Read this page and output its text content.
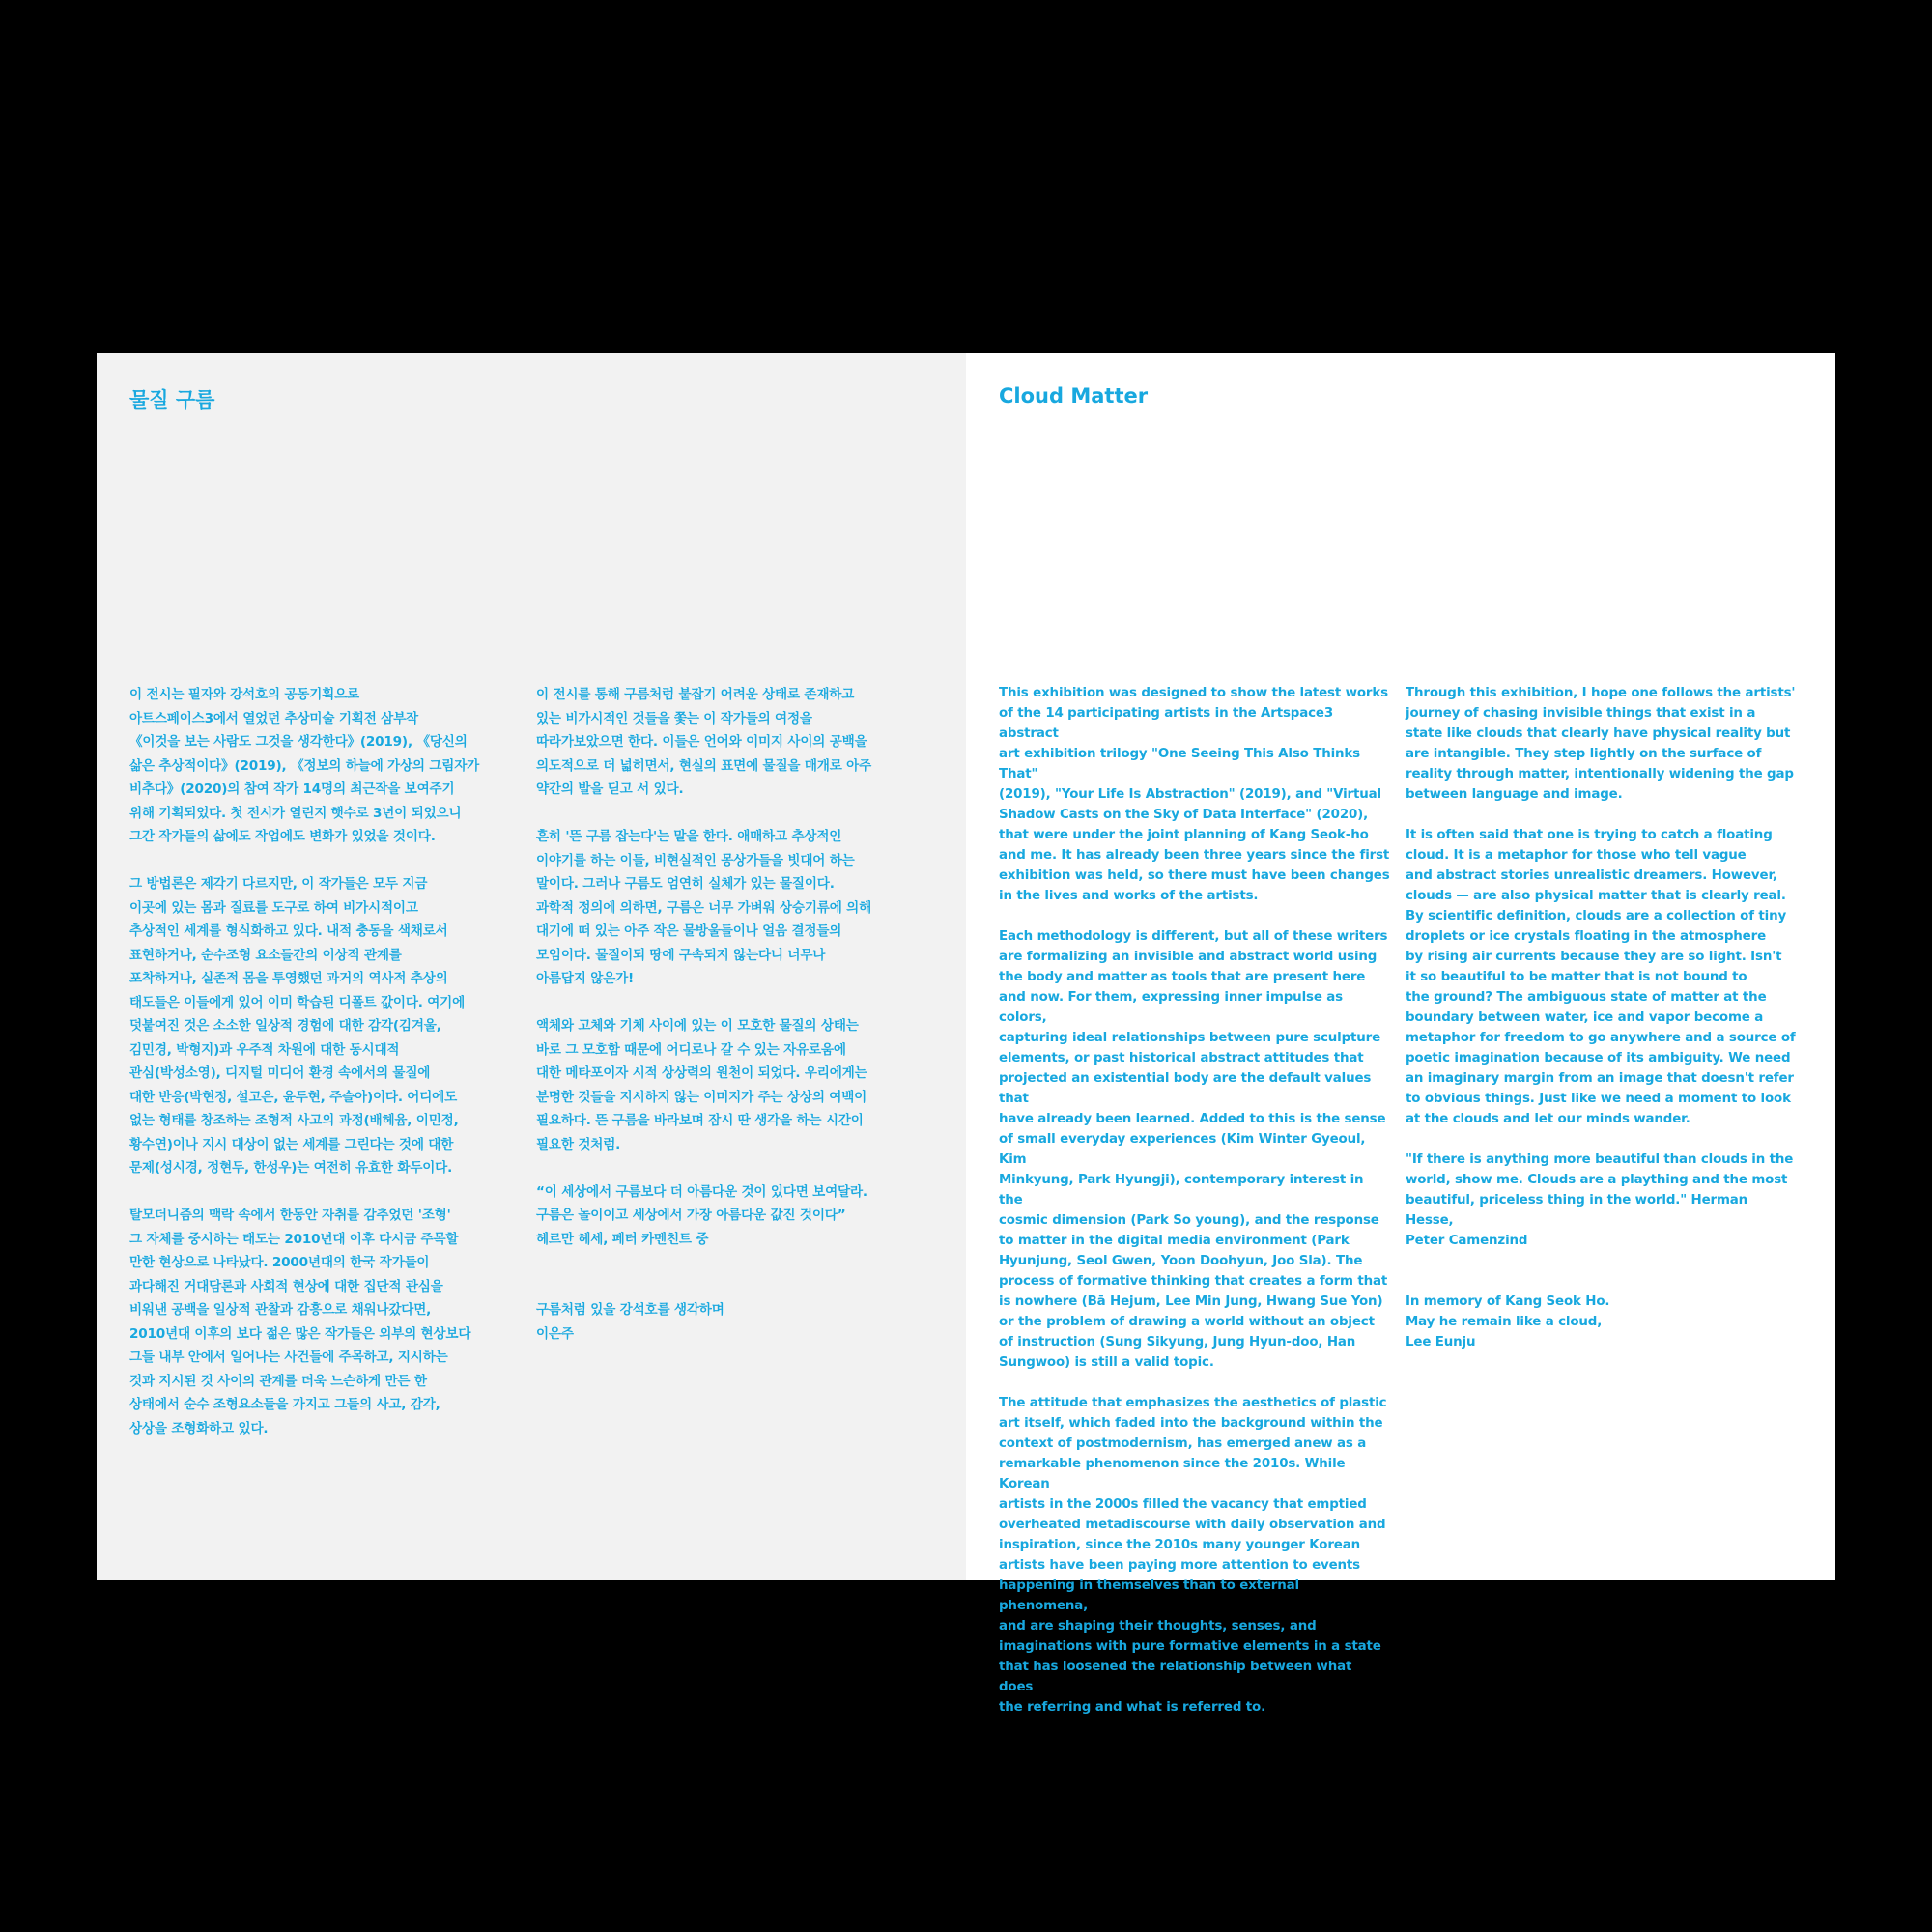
물질 구름

이 전시는 필자와 강석호의 공동기획으로
아트스페이스3에서 열었던 추상미술 기획전 삼부작
《이것을 보는 사람도 그것을 생각한다》(2019), 《당신의
삶은 추상적이다》(2019), 《정보의 하늘에 가상의 그림자가
비추다》(2020)의 참여 작가 14명의 최근작을 보여주기
위해 기획되었다. 첫 전시가 열린지 햇수로 3년이 되었으니
그간 작가들의 삶에도 작업에도 변화가 있었을 것이다.

그 방법론은 제각기 다르지만, 이 작가들은 모두 지금
이곳에 있는 몸과 질료를 도구로 하여 비가시적이고
추상적인 세계를 형식화하고 있다. 내적 충동을 색채로서
표현하거나, 순수조형 요소들간의 이상적 관계를
포착하거나, 실존적 몸을 투영했던 과거의 역사적 추상의
태도들은 이들에게 있어 이미 학습된 디폴트 값이다. 여기에
덧붙여진 것은 소소한 일상적 경험에 대한 감각(김겨울,
김민경, 박형지)과 우주적 차원에 대한 동시대적
관심(박성소영), 디지털 미디어 환경 속에서의 물질에
대한 반응(박현정, 설고은, 윤두현, 주슬아)이다. 어디에도
없는 형태를 창조하는 조형적 사고의 과정(배헤윰, 이민정,
황수연)이나 지시 대상이 없는 세계를 그린다는 것에 대한
문제(성시경, 정현두, 한성우)는 여전히 유효한 화두이다.

탈모더니즘의 맥락 속에서 한동안 자취를 감추었던 '조형'
그 자체를 중시하는 태도는 2010년대 이후 다시금 주목할
만한 현상으로 나타났다. 2000년대의 한국 작가들이
과다해진 거대담론과 사회적 현상에 대한 집단적 관심을
비워낸 공백을 일상적 관찰과 감흥으로 채워나갔다면,
2010년대 이후의 보다 젊은 많은 작가들은 외부의 현상보다
그들 내부 안에서 일어나는 사건들에 주목하고, 지시하는
것과 지시된 것 사이의 관계를 더욱 느슨하게 만든 한
상태에서 순수 조형요소들을 가지고 그들의 사고, 감각,
상상을 조형화하고 있다.

이 전시를 통해 구름처럼 붙잡기 어려운 상태로 존재하고
있는 비가시적인 것들을 쫓는 이 작가들의 여정을
따라가보았으면 한다. 이들은 언어와 이미지 사이의 공백을
의도적으로 더 넓히면서, 현실의 표면에 물질을 매개로 아주
약간의 발을 딛고 서 있다.

흔히 '뜬 구름 잡는다'는 말을 한다. 애매하고 추상적인
이야기를 하는 이들, 비현실적인 몽상가들을 빗대어 하는
말이다. 그러나 구름도 엄연히 실체가 있는 물질이다.
과학적 정의에 의하면, 구름은 너무 가벼워 상승기류에 의해
대기에 떠 있는 아주 작은 물방울들이나 얼음 결정들의
모임이다. 물질이되 땅에 구속되지 않는다니 너무나
아름답지 않은가!

액체와 고체와 기체 사이에 있는 이 모호한 물질의 상태는
바로 그 모호함 때문에 어디로나 갈 수 있는 자유로움에
대한 메타포이자 시적 상상력의 원천이 되었다. 우리에게는
분명한 것들을 지시하지 않는 이미지가 주는 상상의 여백이
필요하다. 뜬 구름을 바라보며 잠시 딴 생각을 하는 시간이
필요한 것처럼.

“이 세상에서 구름보다 더 아름다운 것이 있다면 보여달라.
구름은 놀이이고 세상에서 가장 아름다운 값진 것이다”
헤르만 헤세, 페터 카멘친트 중

구름처럼 있을 강석호를 생각하며
이은주

Cloud Matter

This exhibition was designed to show the latest works
of the 14 participating artists in the Artspace3 abstract
art exhibition trilogy "One Seeing This Also Thinks That"
(2019), "Your Life Is Abstraction" (2019), and "Virtual
Shadow Casts on the Sky of Data Interface" (2020),
that were under the joint planning of Kang Seok-ho
and me. It has already been three years since the first
exhibition was held, so there must have been changes
in the lives and works of the artists.

Each methodology is different, but all of these writers
are formalizing an invisible and abstract world using
the body and matter as tools that are present here
and now. For them, expressing inner impulse as colors,
capturing ideal relationships between pure sculpture
elements, or past historical abstract attitudes that
projected an existential body are the default values that
have already been learned. Added to this is the sense
of small everyday experiences (Kim Winter Gyeoul, Kim
Minkyung, Park Hyungji), contemporary interest in the
cosmic dimension (Park So young), and the response
to matter in the digital media environment (Park
Hyunjung, Seol Gwen, Yoon Doohyun, Joo Sla). The
process of formative thinking that creates a form that
is nowhere (Bā Hejum, Lee Min Jung, Hwang Sue Yon)
or the problem of drawing a world without an object
of instruction (Sung Sikyung, Jung Hyun-doo, Han
Sungwoo) is still a valid topic.

The attitude that emphasizes the aesthetics of plastic
art itself, which faded into the background within the
context of postmodernism, has emerged anew as a
remarkable phenomenon since the 2010s. While Korean
artists in the 2000s filled the vacancy that emptied
overheated metadiscourse with daily observation and
inspiration, since the 2010s many younger Korean
artists have been paying more attention to events
happening in themselves than to external phenomena,
and are shaping their thoughts, senses, and
imaginations with pure formative elements in a state
that has loosened the relationship between what does
the referring and what is referred to.

Through this exhibition, I hope one follows the artists'
journey of chasing invisible things that exist in a
state like clouds that clearly have physical reality but
are intangible. They step lightly on the surface of
reality through matter, intentionally widening the gap
between language and image.

It is often said that one is trying to catch a floating
cloud. It is a metaphor for those who tell vague
and abstract stories unrealistic dreamers. However,
clouds — are also physical matter that is clearly real.
By scientific definition, clouds are a collection of tiny
droplets or ice crystals floating in the atmosphere
by rising air currents because they are so light. Isn't
it so beautiful to be matter that is not bound to
the ground? The ambiguous state of matter at the
boundary between water, ice and vapor become a
metaphor for freedom to go anywhere and a source of
poetic imagination because of its ambiguity. We need
an imaginary margin from an image that doesn't refer
to obvious things. Just like we need a moment to look
at the clouds and let our minds wander.

"If there is anything more beautiful than clouds in the
world, show me. Clouds are a plaything and the most
beautiful, priceless thing in the world." Herman Hesse,
Peter Camenzind

In memory of Kang Seok Ho.
May he remain like a cloud,
Lee Eunju
